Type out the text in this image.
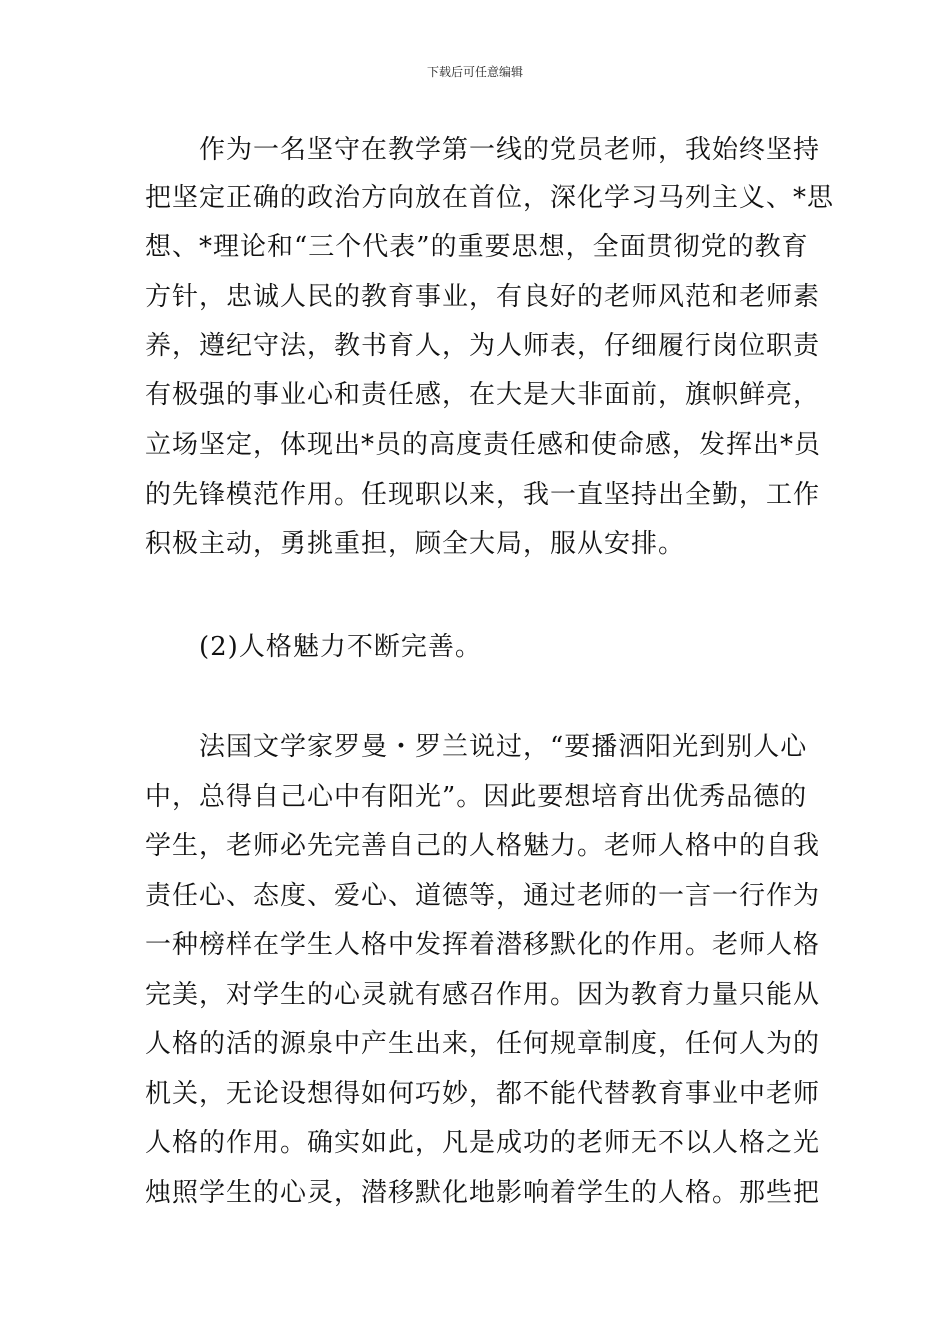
下载后可任意编辑
　　作为一名坚守在教学第一线的党员老师，我始终坚持
把坚定正确的政治方向放在首位，深化学习马列主义、*思
想、*理论和“三个代表”的重要思想，全面贯彻党的教育
方针，忠诚人民的教育事业，有良好的老师风范和老师素
养，遵纪守法，教书育人，为人师表，仔细履行岗位职责
有极强的事业心和责任感，在大是大非面前，旗帜鲜亮，
立场坚定，体现出*员的高度责任感和使命感，发挥出*员
的先锋模范作用。任现职以来，我一直坚持出全勤，工作
积极主动，勇挑重担，顾全大局，服从安排。
　　(2)人格魅力不断完善。
　　法国文学家罗曼・罗兰说过，“要播洒阳光到别人心
中，总得自己心中有阳光”。因此要想培育出优秀品德的
学生，老师必先完善自己的人格魅力。老师人格中的自我
责任心、态度、爱心、道德等，通过老师的一言一行作为
一种榜样在学生人格中发挥着潜移默化的作用。老师人格
完美，对学生的心灵就有感召作用。因为教育力量只能从
人格的活的源泉中产生出来，任何规章制度，任何人为的
机关，无论设想得如何巧妙，都不能代替教育事业中老师
人格的作用。确实如此，凡是成功的老师无不以人格之光
烛照学生的心灵，潜移默化地影响着学生的人格。那些把
